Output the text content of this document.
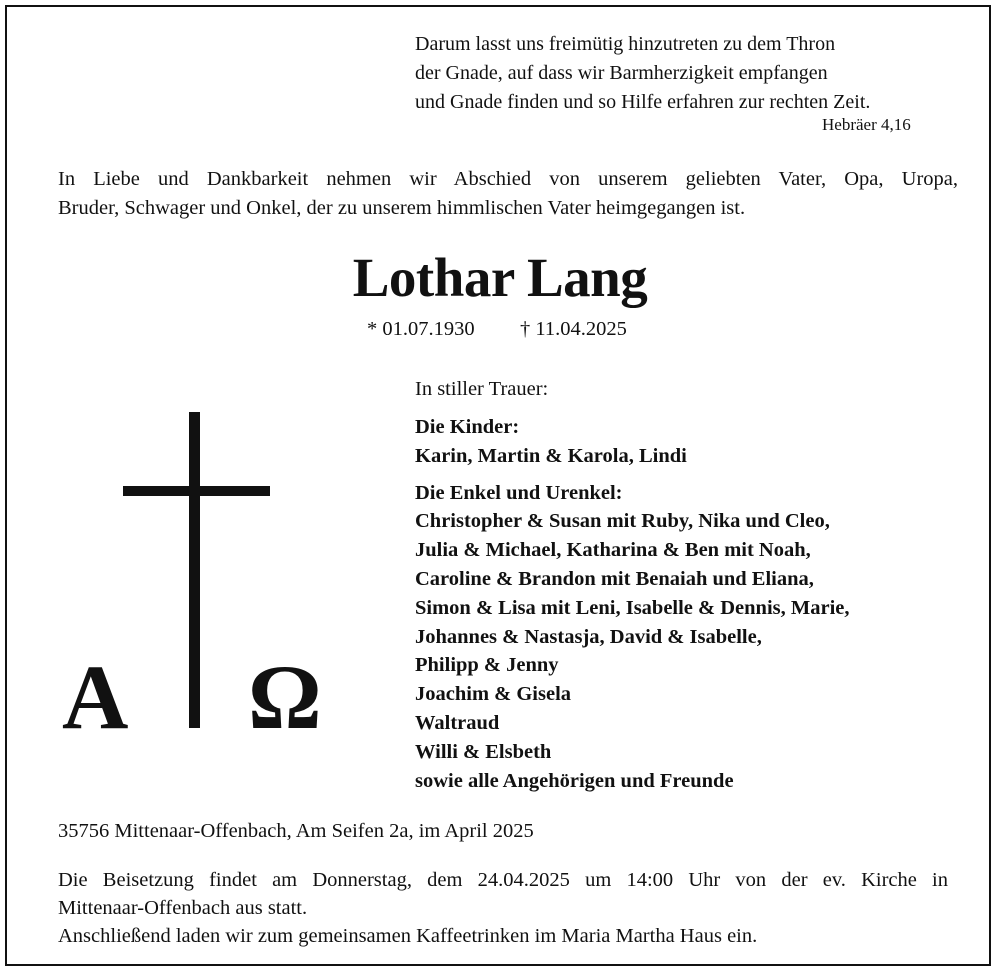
Darum lasst uns freimütig hinzutreten zu dem Thron
der Gnade, auf dass wir Barmherzigkeit empfangen
und Gnade finden und so Hilfe erfahren zur rechten Zeit.
Hebräer 4,16
In Liebe und Dankbarkeit nehmen wir Abschied von unserem geliebten Vater, Opa, Uropa,
Bruder, Schwager und Onkel, der zu unserem himmlischen Vater heimgegangen ist.
Lothar Lang
* 01.07.1930 † 11.04.2025
A Ω
In stiller Trauer:
Die Kinder:
Karin, Martin & Karola, Lindi
Die Enkel und Urenkel:
Christopher & Susan mit Ruby, Nika und Cleo,
Julia & Michael, Katharina & Ben mit Noah,
Caroline & Brandon mit Benaiah und Eliana,
Simon & Lisa mit Leni, Isabelle & Dennis, Marie,
Johannes & Nastasja, David & Isabelle,
Philipp & Jenny
Joachim & Gisela
Waltraud
Willi & Elsbeth
sowie alle Angehörigen und Freunde
35756 Mittenaar-Offenbach, Am Seifen 2a, im April 2025
Die Beisetzung findet am Donnerstag, dem 24.04.2025 um 14:00 Uhr von der ev. Kirche in
Mittenaar-Offenbach aus statt.
Anschließend laden wir zum gemeinsamen Kaffeetrinken im Maria Martha Haus ein.
